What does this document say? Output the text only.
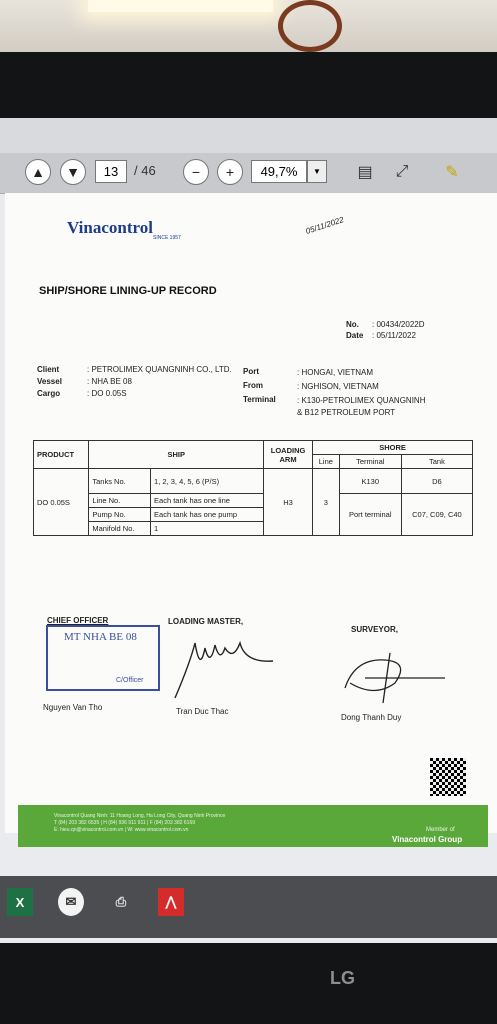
▲ ▼	13	/ 46	− +	49,7%	▼ ▤ ⤢ ✎
Vinacontrol
SINCE 1957
05/11/2022
SHIP/SHORE LINING-UP RECORD
No. : 00434/2022D
Date : 05/11/2022
Client	: PETROLIMEX QUANGNINH CO., LTD.
Vessel	: NHA BE 08
Cargo	: DO 0.05S
Port	: HONGAI, VIETNAM
From	: NGHISON, VIETNAM
Terminal	: K130-PETROLIMEX QUANGNINH
& B12 PETROLEUM PORT
PRODUCT	SHIP		LOADING ARM	SHORE		
				Line	Terminal	Tank
DO 0.05S	Tanks No.	1, 2, 3, 4, 5, 6 (P/S)	H3	3	K130	D6
	Line No.	Each tank has one line			Port terminal	C07, C09, C40
	Pump No.	Each tank has one pump				
	Manifold No.	1				
CHIEF OFFICER
MT NHA BE 08
C/Officer
Nguyen Van Tho
LOADING MASTER,
Tran Duc Thac
SURVEYOR,
Dong Thanh Duy
Vinacontrol Quang Ninh: 11 Hoang Long, Ha Long City, Quang Ninh Province
T (84) 203 382 6535 | H (84) 936 911 911 | F (84) 203 382 6169
E: hieu.qn@vinacontrol.com.vn | W: www.vinacontrol.com.vn	Member of
Vinacontrol Group
X	✉	⎙	⋀
LG
